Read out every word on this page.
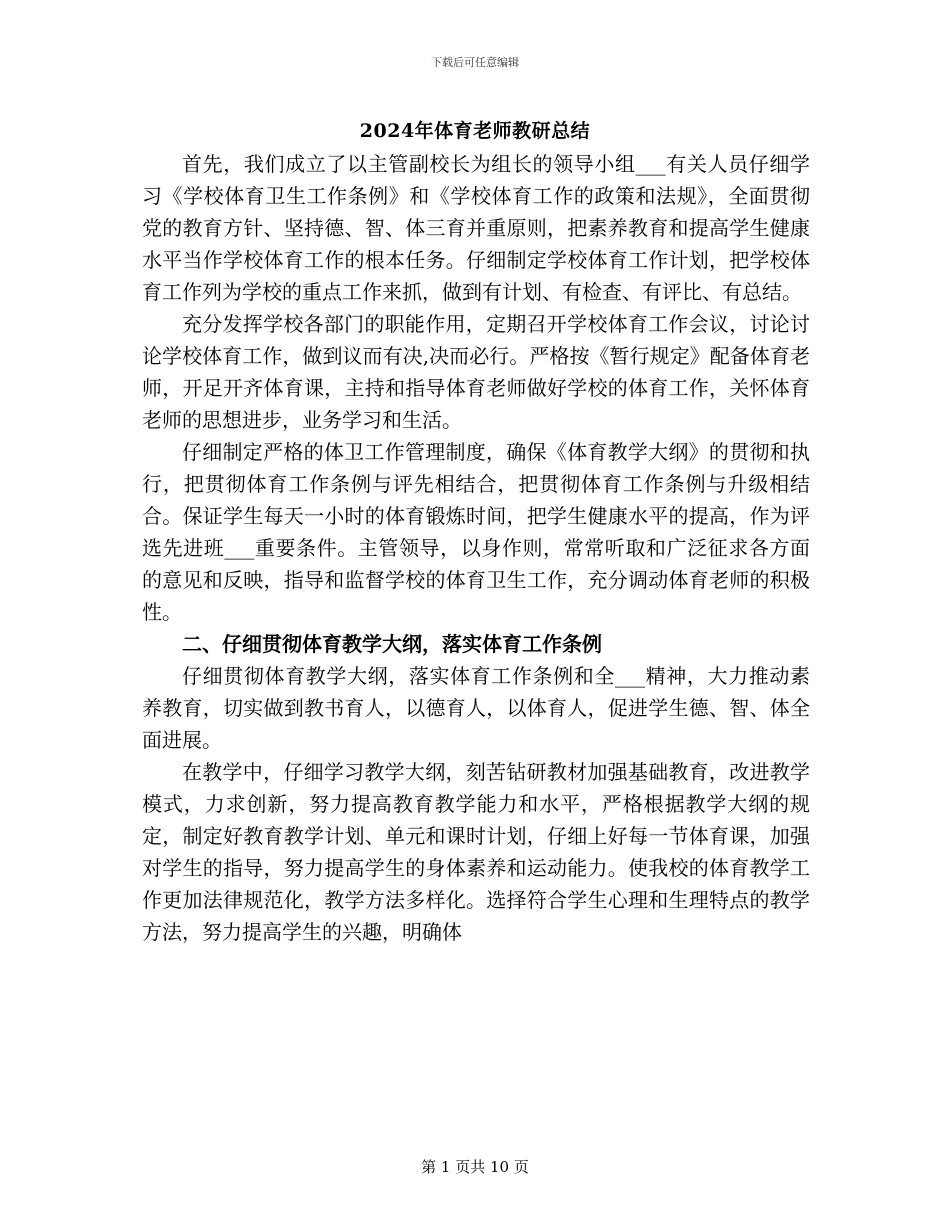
下载后可任意编辑
2024年体育老师教研总结

首先，我们成立了以主管副校长为组长的领导小组___有关人员仔细学习《学校体育卫生工作条例》和《学校体育工作的政策和法规》，全面贯彻党的教育方针、坚持德、智、体三育并重原则，把素养教育和提高学生健康水平当作学校体育工作的根本任务。仔细制定学校体育工作计划，把学校体育工作列为学校的重点工作来抓，做到有计划、有检查、有评比、有总结。

充分发挥学校各部门的职能作用，定期召开学校体育工作会议，讨论讨论学校体育工作，做到议而有决,决而必行。严格按《暂行规定》配备体育老师，开足开齐体育课，主持和指导体育老师做好学校的体育工作，关怀体育老师的思想进步，业务学习和生活。

仔细制定严格的体卫工作管理制度，确保《体育教学大纲》的贯彻和执行，把贯彻体育工作条例与评先相结合，把贯彻体育工作条例与升级相结合。保证学生每天一小时的体育锻炼时间，把学生健康水平的提高，作为评选先进班___重要条件。主管领导，以身作则，常常听取和广泛征求各方面的意见和反映，指导和监督学校的体育卫生工作，充分调动体育老师的积极性。

二、仔细贯彻体育教学大纲，落实体育工作条例

仔细贯彻体育教学大纲，落实体育工作条例和全___精神，大力推动素养教育，切实做到教书育人，以德育人，以体育人，促进学生德、智、体全面进展。

在教学中，仔细学习教学大纲，刻苦钻研教材加强基础教育，改进教学模式，力求创新，努力提高教育教学能力和水平，严格根据教学大纲的规定，制定好教育教学计划、单元和课时计划，仔细上好每一节体育课，加强对学生的指导，努力提高学生的身体素养和运动能力。使我校的体育教学工作更加法律规范化，教学方法多样化。选择符合学生心理和生理特点的教学方法，努力提高学生的兴趣，明确体

第 1 页共 10 页
